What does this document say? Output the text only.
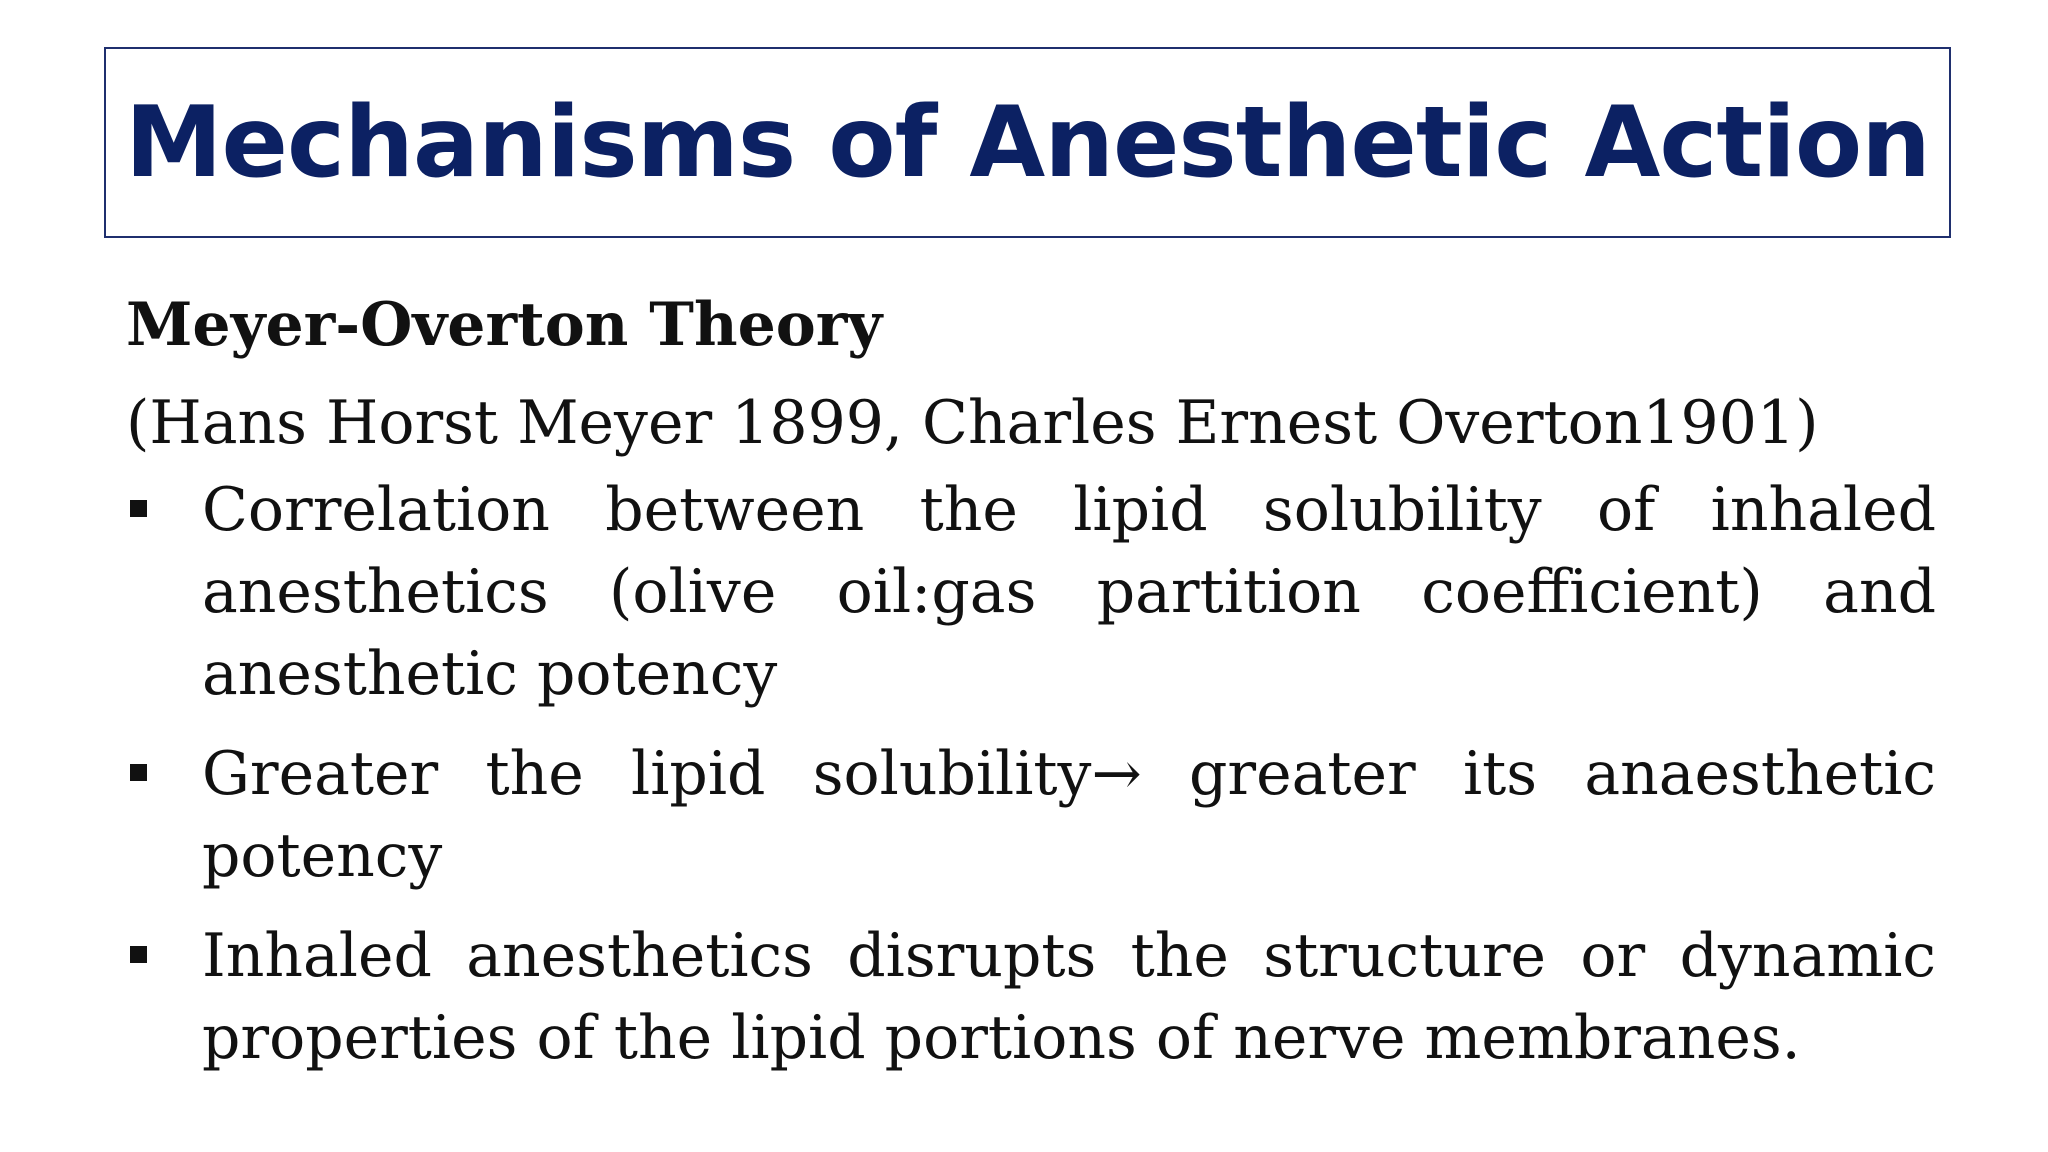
Mechanisms of Anesthetic Action
Meyer-Overton Theory
(Hans Horst Meyer 1899, Charles Ernest Overton1901)
Correlation between the lipid solubility of inhaled anesthetics (olive oil:gas partition coefficient) and anesthetic potency
Greater the lipid solubility→ greater its anaesthetic potency
Inhaled anesthetics disrupts the structure or dynamic properties of the lipid portions of nerve membranes.
